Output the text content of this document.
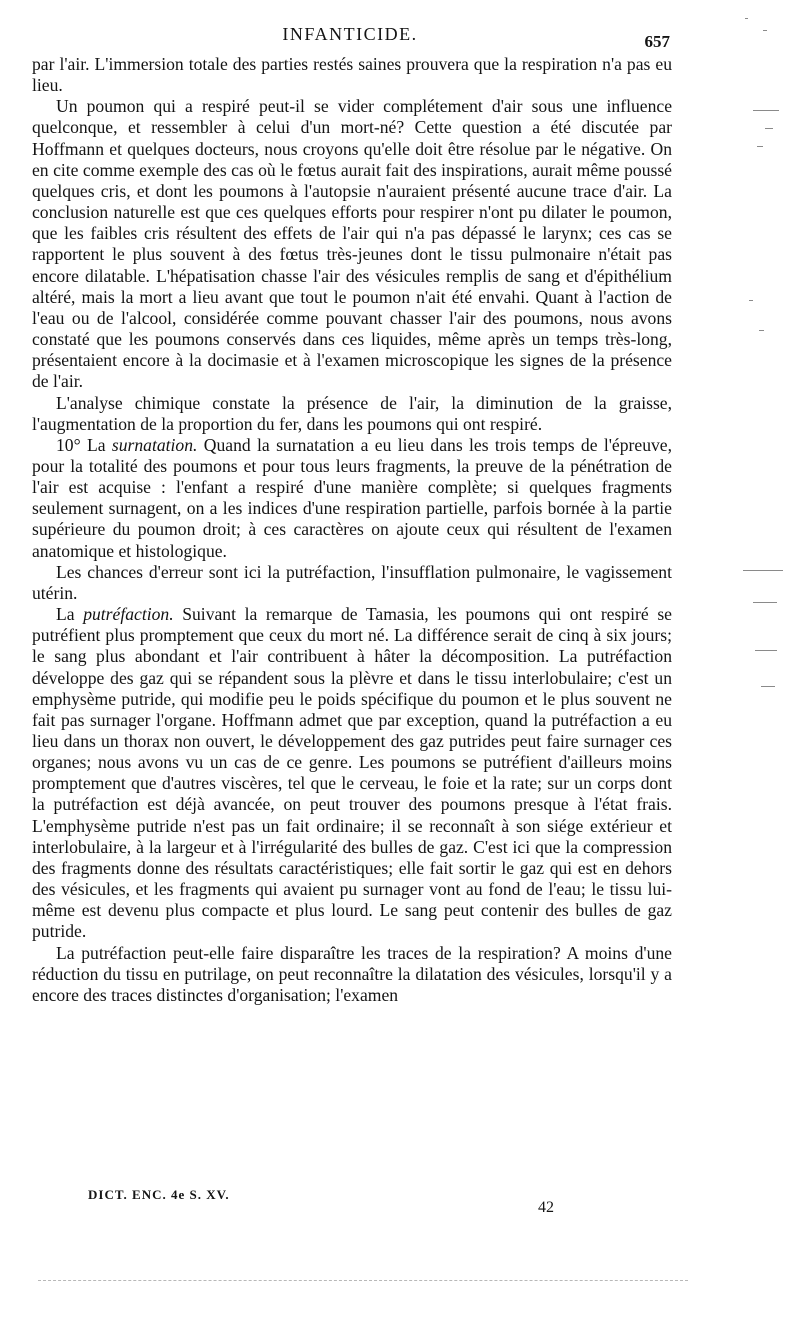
INFANTICIDE.	657

par l'air. L'immersion totale des parties restés saines prouvera que la respiration n'a pas eu lieu.

Un poumon qui a respiré peut-il se vider complétement d'air sous une influence quelconque, et ressembler à celui d'un mort-né? Cette question a été discutée par Hoffmann et quelques docteurs, nous croyons qu'elle doit être résolue par le négative. On en cite comme exemple des cas où le fœtus aurait fait des inspirations, aurait même poussé quelques cris, et dont les poumons à l'autopsie n'auraient présenté aucune trace d'air. La conclusion naturelle est que ces quelques efforts pour respirer n'ont pu dilater le poumon, que les faibles cris résultent des effets de l'air qui n'a pas dépassé le larynx; ces cas se rapportent le plus souvent à des fœtus très-jeunes dont le tissu pulmonaire n'était pas encore dilatable. L'hépatisation chasse l'air des vésicules remplis de sang et d'épithélium altéré, mais la mort a lieu avant que tout le poumon n'ait été envahi. Quant à l'action de l'eau ou de l'alcool, considérée comme pouvant chasser l'air des poumons, nous avons constaté que les poumons conservés dans ces liquides, même après un temps très-long, présentaient encore à la docimasie et à l'examen microscopique les signes de la présence de l'air.

L'analyse chimique constate la présence de l'air, la diminution de la graisse, l'augmentation de la proportion du fer, dans les poumons qui ont respiré.

10° La surnatation. Quand la surnatation a eu lieu dans les trois temps de l'épreuve, pour la totalité des poumons et pour tous leurs fragments, la preuve de la pénétration de l'air est acquise : l'enfant a respiré d'une manière complète; si quelques fragments seulement surnagent, on a les indices d'une respiration partielle, parfois bornée à la partie supérieure du poumon droit; à ces caractères on ajoute ceux qui résultent de l'examen anatomique et histologique.

Les chances d'erreur sont ici la putréfaction, l'insufflation pulmonaire, le vagissement utérin.

La putréfaction. Suivant la remarque de Tamasia, les poumons qui ont respiré se putréfient plus promptement que ceux du mort né. La différence serait de cinq à six jours; le sang plus abondant et l'air contribuent à hâter la décomposition. La putréfaction développe des gaz qui se répandent sous la plèvre et dans le tissu interlobulaire; c'est un emphysème putride, qui modifie peu le poids spécifique du poumon et le plus souvent ne fait pas surnager l'organe. Hoffmann admet que par exception, quand la putréfaction a eu lieu dans un thorax non ouvert, le développement des gaz putrides peut faire surnager ces organes; nous avons vu un cas de ce genre. Les poumons se putréfient d'ailleurs moins promptement que d'autres viscères, tel que le cerveau, le foie et la rate; sur un corps dont la putréfaction est déjà avancée, on peut trouver des poumons presque à l'état frais. L'emphysème putride n'est pas un fait ordinaire; il se reconnaît à son siége extérieur et interlobulaire, à la largeur et à l'irrégularité des bulles de gaz. C'est ici que la compression des fragments donne des résultats caractéristiques; elle fait sortir le gaz qui est en dehors des vésicules, et les fragments qui avaient pu surnager vont au fond de l'eau; le tissu lui-même est devenu plus compacte et plus lourd. Le sang peut contenir des bulles de gaz putride.

La putréfaction peut-elle faire disparaître les traces de la respiration? A moins d'une réduction du tissu en putrilage, on peut reconnaître la dilatation des vésicules, lorsqu'il y a encore des traces distinctes d'organisation; l'examen

DICT. ENC. 4e S. XV.
42
